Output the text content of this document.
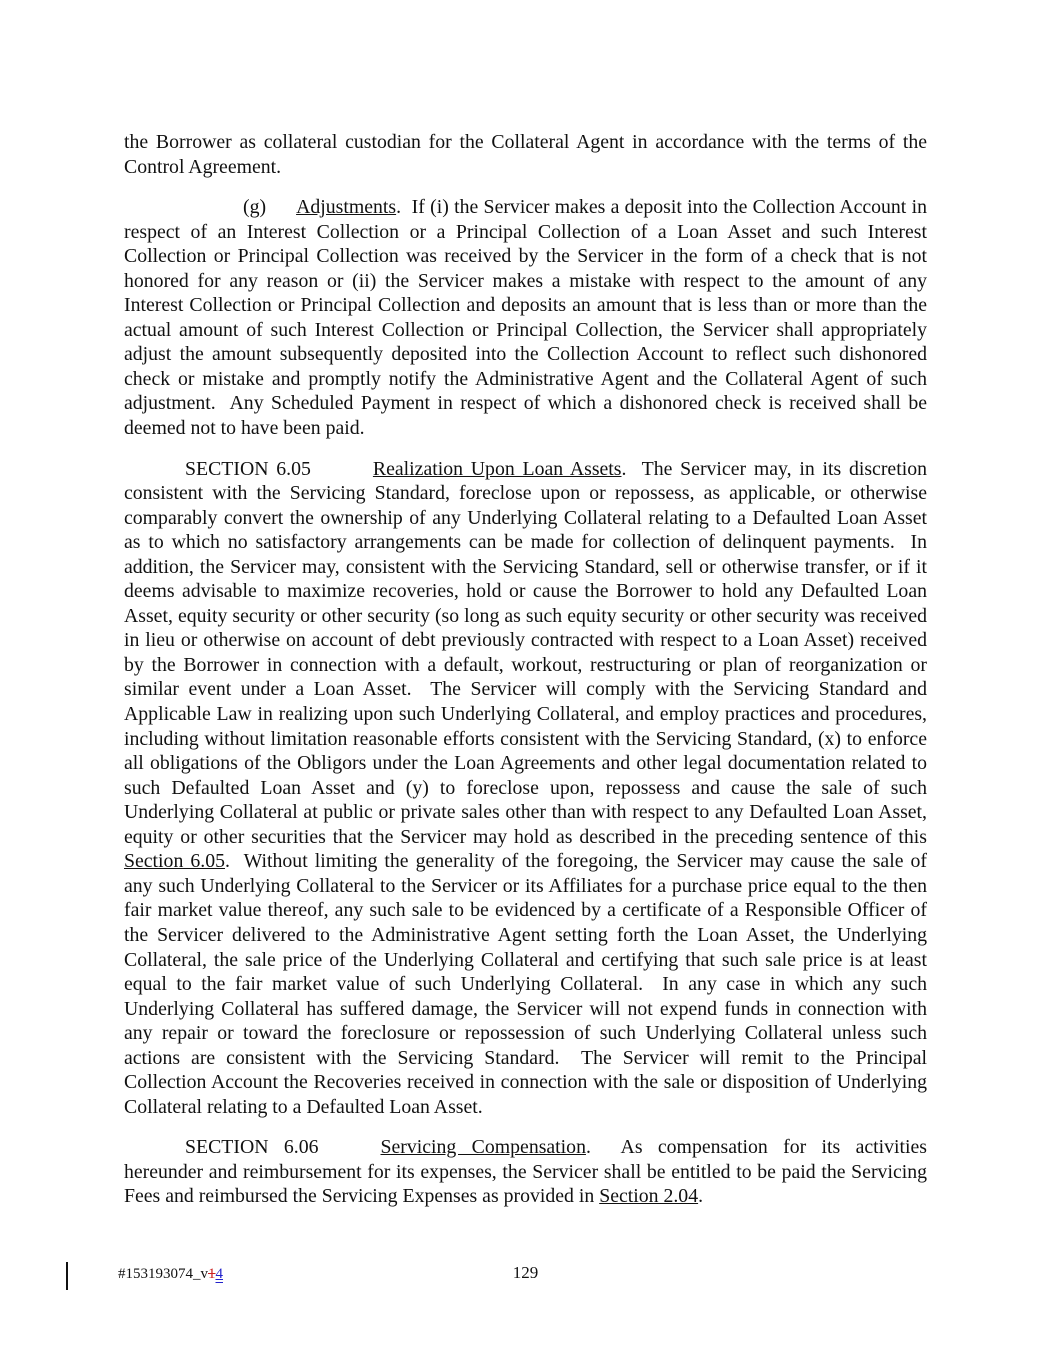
the Borrower as collateral custodian for the Collateral Agent in accordance with the terms of the Control Agreement.

(g) Adjustments.  If (i) the Servicer makes a deposit into the Collection Account in respect of an Interest Collection or a Principal Collection of a Loan Asset and such Interest Collection or Principal Collection was received by the Servicer in the form of a check that is not honored for any reason or (ii) the Servicer makes a mistake with respect to the amount of any Interest Collection or Principal Collection and deposits an amount that is less than or more than the actual amount of such Interest Collection or Principal Collection, the Servicer shall appropriately adjust the amount subsequently deposited into the Collection Account to reflect such dishonored check or mistake and promptly notify the Administrative Agent and the Collateral Agent of such adjustment.  Any Scheduled Payment in respect of which a dishonored check is received shall be deemed not to have been paid.

SECTION 6.05	Realization Upon Loan Assets.  The Servicer may, in its discretion consistent with the Servicing Standard, foreclose upon or repossess, as applicable, or otherwise comparably convert the ownership of any Underlying Collateral relating to a Defaulted Loan Asset as to which no satisfactory arrangements can be made for collection of delinquent payments.  In addition, the Servicer may, consistent with the Servicing Standard, sell or otherwise transfer, or if it deems advisable to maximize recoveries, hold or cause the Borrower to hold any Defaulted Loan Asset, equity security or other security (so long as such equity security or other security was received in lieu or otherwise on account of debt previously contracted with respect to a Loan Asset) received by the Borrower in connection with a default, workout, restructuring or plan of reorganization or similar event under a Loan Asset.  The Servicer will comply with the Servicing Standard and Applicable Law in realizing upon such Underlying Collateral, and employ practices and procedures, including without limitation reasonable efforts consistent with the Servicing Standard, (x) to enforce all obligations of the Obligors under the Loan Agreements and other legal documentation related to such Defaulted Loan Asset and (y) to foreclose upon, repossess and cause the sale of such Underlying Collateral at public or private sales other than with respect to any Defaulted Loan Asset, equity or other securities that the Servicer may hold as described in the preceding sentence of this Section 6.05.  Without limiting the generality of the foregoing, the Servicer may cause the sale of any such Underlying Collateral to the Servicer or its Affiliates for a purchase price equal to the then fair market value thereof, any such sale to be evidenced by a certificate of a Responsible Officer of the Servicer delivered to the Administrative Agent setting forth the Loan Asset, the Underlying Collateral, the sale price of the Underlying Collateral and certifying that such sale price is at least equal to the fair market value of such Underlying Collateral.  In any case in which any such Underlying Collateral has suffered damage, the Servicer will not expend funds in connection with any repair or toward the foreclosure or repossession of such Underlying Collateral unless such actions are consistent with the Servicing Standard.  The Servicer will remit to the Principal Collection Account the Recoveries received in connection with the sale or disposition of Underlying Collateral relating to a Defaulted Loan Asset.

SECTION 6.06	Servicing Compensation.  As compensation for its activities hereunder and reimbursement for its expenses, the Servicer shall be entitled to be paid the Servicing Fees and reimbursed the Servicing Expenses as provided in Section 2.04.

#153193074_v14	129
